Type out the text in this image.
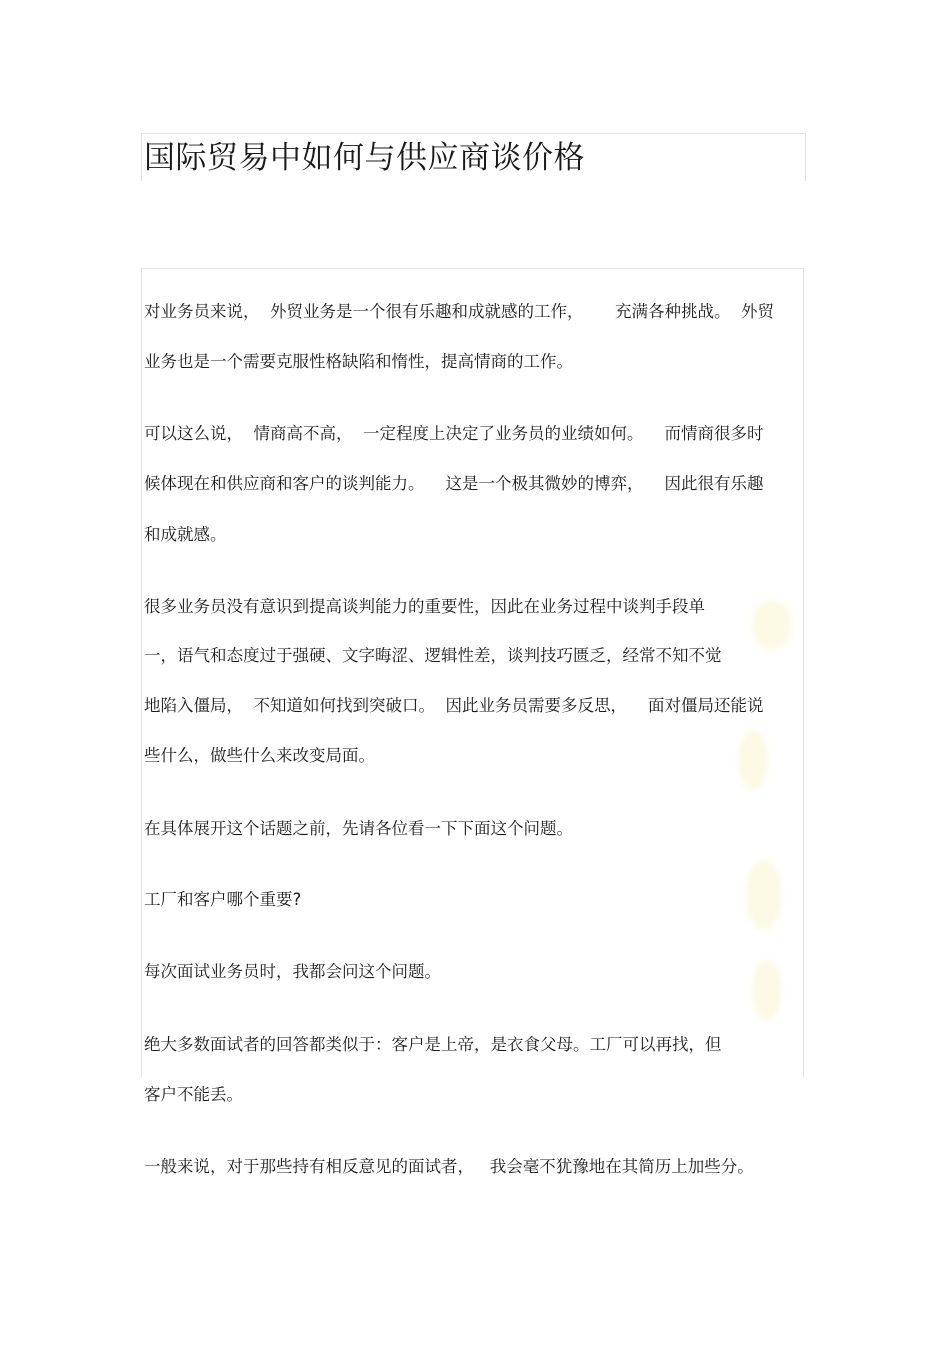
国际贸易中如何与供应商谈价格

对业务员来说，  外贸业务是一个很有乐趣和成就感的工作，      充满各种挑战。  外贸

业务也是一个需要克服性格缺陷和惰性，提高情商的工作。

可以这么说，  情商高不高，  一定程度上决定了业务员的业绩如何。    而情商很多时

候体现在和供应商和客户的谈判能力。    这是一个极其微妙的博弈，    因此很有乐趣

和成就感。

很多业务员没有意识到提高谈判能力的重要性，因此在业务过程中谈判手段单

一，语气和态度过于强硬、文字晦涩、逻辑性差，谈判技巧匮乏，经常不知不觉

地陷入僵局，  不知道如何找到突破口。  因此业务员需要多反思，    面对僵局还能说

些什么，做些什么来改变局面。

在具体展开这个话题之前，先请各位看一下下面这个问题。

工厂和客户哪个重要?

每次面试业务员时，我都会问这个问题。

绝大多数面试者的回答都类似于：客户是上帝，是衣食父母。工厂可以再找，但

客户不能丢。

一般来说，对于那些持有相反意见的面试者，   我会毫不犹豫地在其简历上加些分。
